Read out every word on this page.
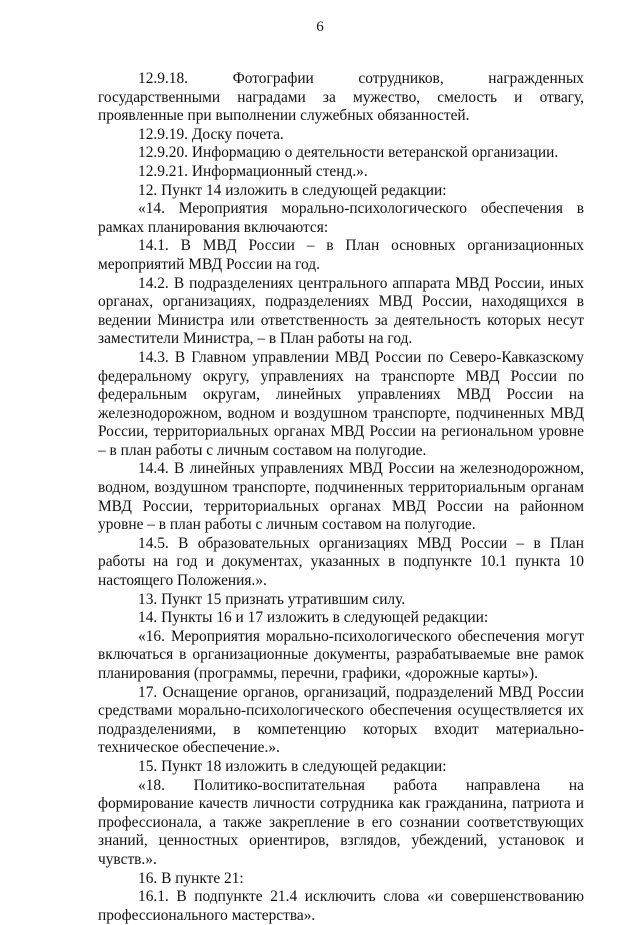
6

12.9.18. Фотографии сотрудников, награжденных государственными наградами за мужество, смелость и отвагу, проявленные при выполнении служебных обязанностей.

12.9.19. Доску почета.

12.9.20. Информацию о деятельности ветеранской организации.

12.9.21. Информационный стенд.».

12. Пункт 14 изложить в следующей редакции:

«14. Мероприятия морально-психологического обеспечения в рамках планирования включаются:

14.1. В МВД России – в План основных организационных мероприятий МВД России на год.

14.2. В подразделениях центрального аппарата МВД России, иных органах, организациях, подразделениях МВД России, находящихся в ведении Министра или ответственность за деятельность которых несут заместители Министра, – в План работы на год.

14.3. В Главном управлении МВД России по Северо-Кавказскому федеральному округу, управлениях на транспорте МВД России по федеральным округам, линейных управлениях МВД России на железнодорожном, водном и воздушном транспорте, подчиненных МВД России, территориальных органах МВД России на региональном уровне – в план работы с личным составом на полугодие.

14.4. В линейных управлениях МВД России на железнодорожном, водном, воздушном транспорте, подчиненных территориальным органам МВД России, территориальных органах МВД России на районном уровне – в план работы с личным составом на полугодие.

14.5. В образовательных организациях МВД России – в План работы на год и документах, указанных в подпункте 10.1 пункта 10 настоящего Положения.».

13. Пункт 15 признать утратившим силу.

14. Пункты 16 и 17 изложить в следующей редакции:

«16. Мероприятия морально-психологического обеспечения могут включаться в организационные документы, разрабатываемые вне рамок планирования (программы, перечни, графики, «дорожные карты»).

17. Оснащение органов, организаций, подразделений МВД России средствами морально-психологического обеспечения осуществляется их подразделениями, в компетенцию которых входит материально-техническое обеспечение.».

15. Пункт 18 изложить в следующей редакции:

«18. Политико-воспитательная работа направлена на формирование качеств личности сотрудника как гражданина, патриота и профессионала, а также закрепление в его сознании соответствующих знаний, ценностных ориентиров, взглядов, убеждений, установок и чувств.».

16. В пункте 21:

16.1. В подпункте 21.4 исключить слова «и совершенствованию профессионального мастерства».
